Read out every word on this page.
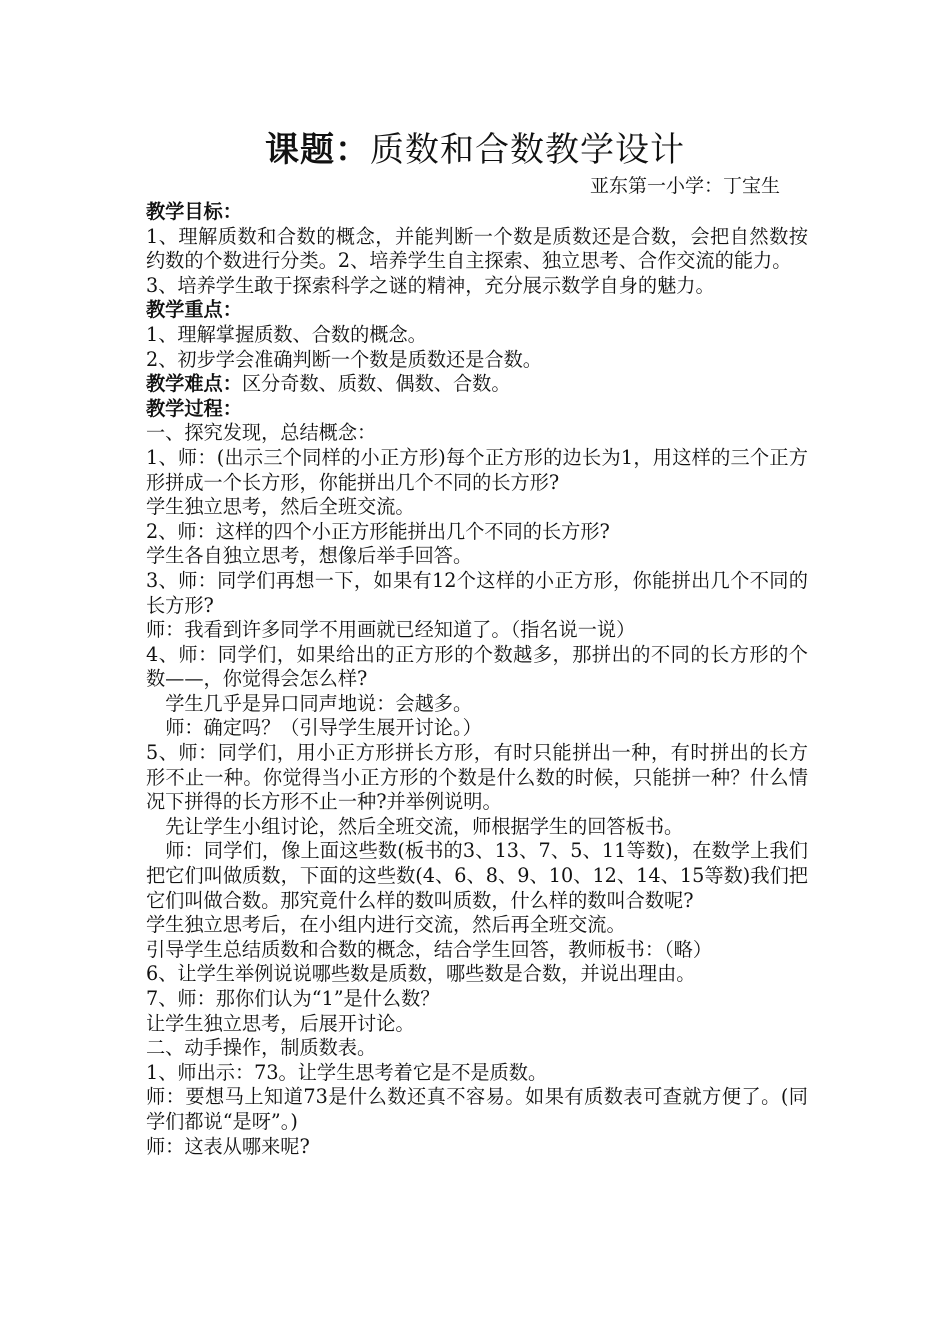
课题：质数和合数教学设计
亚东第一小学：丁宝生

教学目标：

1、理解质数和合数的概念，并能判断一个数是质数还是合数，会把自然数按约数的个数进行分类。2、培养学生自主探索、独立思考、合作交流的能力。

3、培养学生敢于探索科学之谜的精神，充分展示数学自身的魅力。

教学重点：

1、理解掌握质数、合数的概念。

2、初步学会准确判断一个数是质数还是合数。

教学难点：区分奇数、质数、偶数、合数。

教学过程：

一、探究发现，总结概念：

1、师：(出示三个同样的小正方形)每个正方形的边长为1，用这样的三个正方形拼成一个长方形，你能拼出几个不同的长方形?

学生独立思考，然后全班交流。

2、师：这样的四个小正方形能拼出几个不同的长方形?

学生各自独立思考，想像后举手回答。

3、师：同学们再想一下，如果有12个这样的小正方形，你能拼出几个不同的长方形?

师：我看到许多同学不用画就已经知道了。（指名说一说）

4、师：同学们，如果给出的正方形的个数越多，那拼出的不同的长方形的个数——，你觉得会怎么样?

学生几乎是异口同声地说：会越多。

师：确定吗？（引导学生展开讨论。）

5、师：同学们，用小正方形拼长方形，有时只能拼出一种，有时拼出的长方形不止一种。你觉得当小正方形的个数是什么数的时候，只能拼一种？什么情况下拼得的长方形不止一种?并举例说明。

先让学生小组讨论，然后全班交流，师根据学生的回答板书。

师：同学们，像上面这些数(板书的3、13、7、5、11等数)，在数学上我们把它们叫做质数，下面的这些数(4、6、8、9、10、12、14、15等数)我们把它们叫做合数。那究竟什么样的数叫质数，什么样的数叫合数呢?

学生独立思考后，在小组内进行交流，然后再全班交流。

引导学生总结质数和合数的概念，结合学生回答，教师板书：（略）

6、让学生举例说说哪些数是质数，哪些数是合数，并说出理由。

7、师：那你们认为“1”是什么数？

让学生独立思考，后展开讨论。

二、动手操作，制质数表。

1、师出示：73。让学生思考着它是不是质数。

师：要想马上知道73是什么数还真不容易。如果有质数表可查就方便了。(同学们都说“是呀”。)

师：这表从哪来呢?
